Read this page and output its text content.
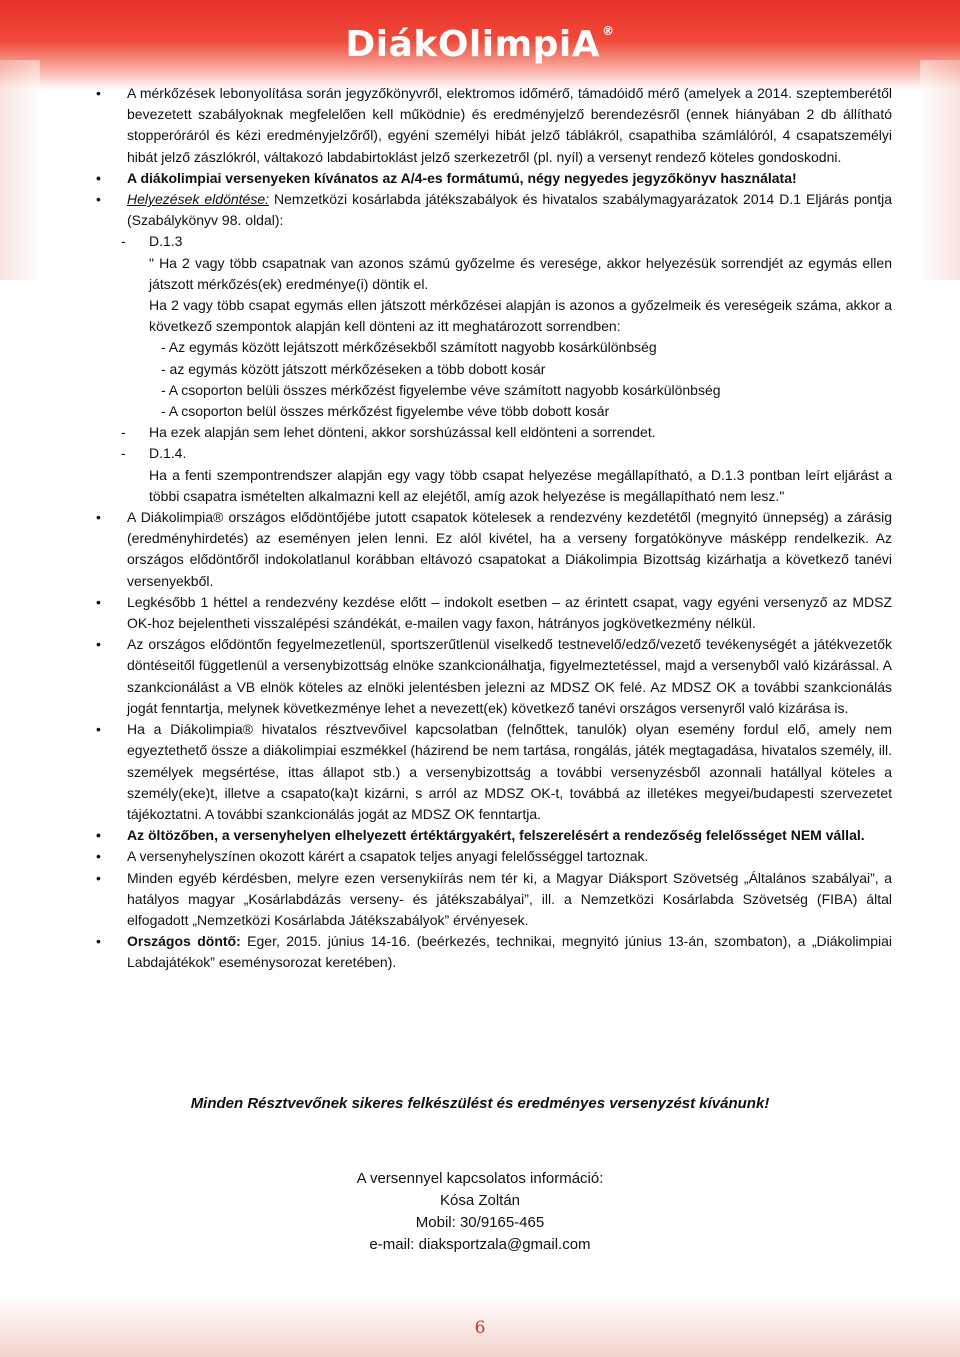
DiákOlimpiA ®

• A mérkőzések lebonyolítása során jegyzőkönyvről, elektromos időmérő, támadóidő mérő (amelyek a 2014. szeptemberétől bevezetett szabályoknak megfelelően kell működnie) és eredményjelző berendezésről (ennek hiányában 2 db állítható stopperóráról és kézi eredményjelzőről), egyéni személyi hibát jelző táblákról, csapathiba számlálóról, 4 csapatszemélyi hibát jelző zászlókról, váltakozó labdabirtoklást jelző szerkezetről (pl. nyíl) a versenyt rendező köteles gondoskodni.

• A diákolimpiai versenyeken kívánatos az A/4-es formátumú, négy negyedes jegyzőkönyv használata!

• Helyezések eldöntése: Nemzetközi kosárlabda játékszabályok és hivatalos szabálymagyarázatok 2014 D.1 Eljárás pontja (Szabálykönyv 98. oldal):

- D.1.3

" Ha 2 vagy több csapatnak van azonos számú győzelme és veresége, akkor helyezésük sorrendjét az egymás ellen játszott mérkőzés(ek) eredménye(i) döntik el.

Ha 2 vagy több csapat egymás ellen játszott mérkőzései alapján is azonos a győzelmeik és vereségeik száma, akkor a következő szempontok alapján kell dönteni az itt meghatározott sorrendben:

- Az egymás között lejátszott mérkőzésekből számított nagyobb kosárkülönbség

- az egymás között játszott mérkőzéseken a több dobott kosár

- A csoporton belüli összes mérkőzést figyelembe véve számított nagyobb kosárkülönbség

- A csoporton belül összes mérkőzést figyelembe véve több dobott kosár

- Ha ezek alapján sem lehet dönteni, akkor sorshúzással kell eldönteni a sorrendet.

- D.1.4.

Ha a fenti szempontrendszer alapján egy vagy több csapat helyezése megállapítható, a D.1.3 pontban leírt eljárást a többi csapatra ismételten alkalmazni kell az elejétől, amíg azok helyezése is megállapítható nem lesz."

• A Diákolimpia® országos elődöntőjébe jutott csapatok kötelesek a rendezvény kezdetétől (megnyitó ünnepség) a zárásig (eredményhirdetés) az eseményen jelen lenni. Ez alól kivétel, ha a verseny forgatókönyve másképp rendelkezik. Az országos elődöntőről indokolatlanul korábban eltávozó csapatokat a Diákolimpia Bizottság kizárhatja a következő tanévi versenyekből.

• Legkésőbb 1 héttel a rendezvény kezdése előtt – indokolt esetben – az érintett csapat, vagy egyéni versenyző az MDSZ OK-hoz bejelentheti visszalépési szándékát, e-mailen vagy faxon, hátrányos jogkövetkezmény nélkül.

• Az országos elődöntőn fegyelmezetlenül, sportszerűtlenül viselkedő testnevelő/edző/vezető tevékenységét a játékvezetők döntéseitől függetlenül a versenybizottság elnöke szankcionálhatja, figyelmeztetéssel, majd a versenyből való kizárással. A szankcionálást a VB elnök köteles az elnöki jelentésben jelezni az MDSZ OK felé. Az MDSZ OK a további szankcionálás jogát fenntartja, melynek következménye lehet a nevezett(ek) következő tanévi országos versenyről való kizárása is.

• Ha a Diákolimpia® hivatalos résztvevőivel kapcsolatban (felnőttek, tanulók) olyan esemény fordul elő, amely nem egyeztethető össze a diákolimpiai eszmékkel (házirend be nem tartása, rongálás, játék megtagadása, hivatalos személy, ill. személyek megsértése, ittas állapot stb.) a versenybizottság a további versenyzésből azonnali hatállyal köteles a személy(eke)t, illetve a csapato(ka)t kizárni, s arról az MDSZ OK-t, továbbá az illetékes megyei/budapesti szervezetet tájékoztatni. A további szankcionálás jogát az MDSZ OK fenntartja.

• Az öltözőben, a versenyhelyen elhelyezett értéktárgyakért, felszerelésért a rendezőség felelősséget NEM vállal.

• A versenyhelyszínen okozott kárért a csapatok teljes anyagi felelősséggel tartoznak.

• Minden egyéb kérdésben, melyre ezen versenykiírás nem tér ki, a Magyar Diáksport Szövetség „Általános szabályai”, a hatályos magyar „Kosárlabdázás verseny- és játékszabályai”, ill. a Nemzetközi Kosárlabda Szövetség (FIBA) által elfogadott „Nemzetközi Kosárlabda Játékszabályok” érvényesek.

• Országos döntő: Eger, 2015. június 14-16. (beérkezés, technikai, megnyitó június 13-án, szombaton), a „Diákolimpiai Labdajátékok” eseménysorozat keretében).

Minden Résztvevőnek sikeres felkészülést és eredményes versenyzést kívánunk!
A versennyel kapcsolatos információ:
Kósa Zoltán
Mobil: 30/9165-465
e-mail: diaksportzala@gmail.com
6
